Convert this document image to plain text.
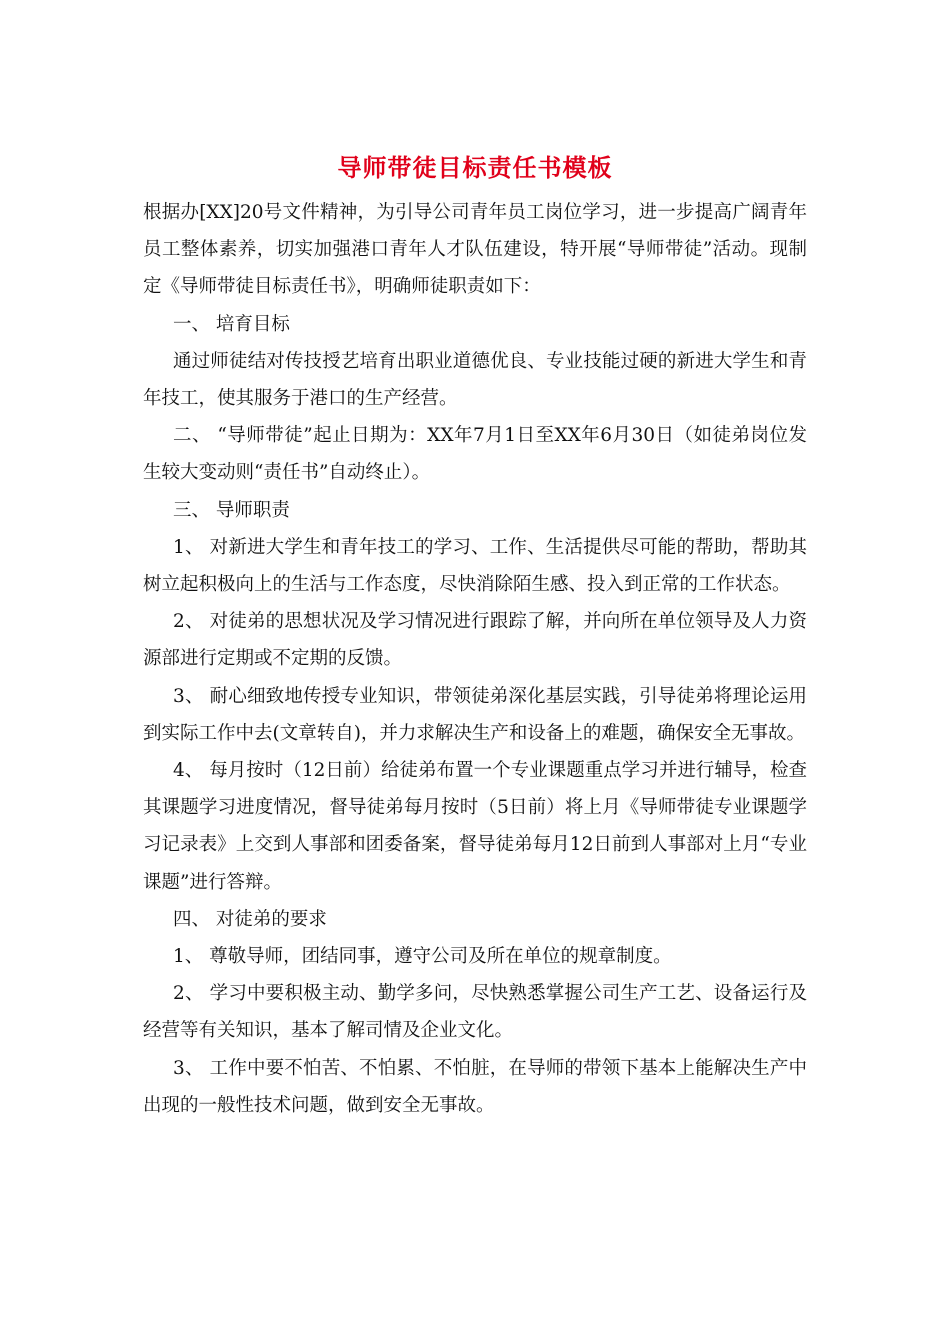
导师带徒目标责任书模板

根据办[XX]20号文件精神，为引导公司青年员工岗位学习，进一步提高广阔青年员工整体素养，切实加强港口青年人才队伍建设，特开展“导师带徒”活动。现制定《导师带徒目标责任书》，明确师徒职责如下：

一、 培育目标

通过师徒结对传技授艺培育出职业道德优良、专业技能过硬的新进大学生和青年技工，使其服务于港口的生产经营。

二、 “导师带徒”起止日期为：XX年7月1日至XX年6月30日（如徒弟岗位发生较大变动则“责任书”自动终止）。

三、 导师职责

1、 对新进大学生和青年技工的学习、工作、生活提供尽可能的帮助，帮助其树立起积极向上的生活与工作态度，尽快消除陌生感、投入到正常的工作状态。

2、 对徒弟的思想状况及学习情况进行跟踪了解，并向所在单位领导及人力资源部进行定期或不定期的反馈。

3、 耐心细致地传授专业知识，带领徒弟深化基层实践，引导徒弟将理论运用到实际工作中去(文章转自)，并力求解决生产和设备上的难题，确保安全无事故。

4、 每月按时（12日前）给徒弟布置一个专业课题重点学习并进行辅导，检查其课题学习进度情况，督导徒弟每月按时（5日前）将上月《导师带徒专业课题学习记录表》上交到人事部和团委备案，督导徒弟每月12日前到人事部对上月“专业课题”进行答辩。

四、 对徒弟的要求

1、 尊敬导师，团结同事，遵守公司及所在单位的规章制度。

2、 学习中要积极主动、勤学多问，尽快熟悉掌握公司生产工艺、设备运行及经营等有关知识，基本了解司情及企业文化。

3、 工作中要不怕苦、不怕累、不怕脏，在导师的带领下基本上能解决生产中出现的一般性技术问题，做到安全无事故。
